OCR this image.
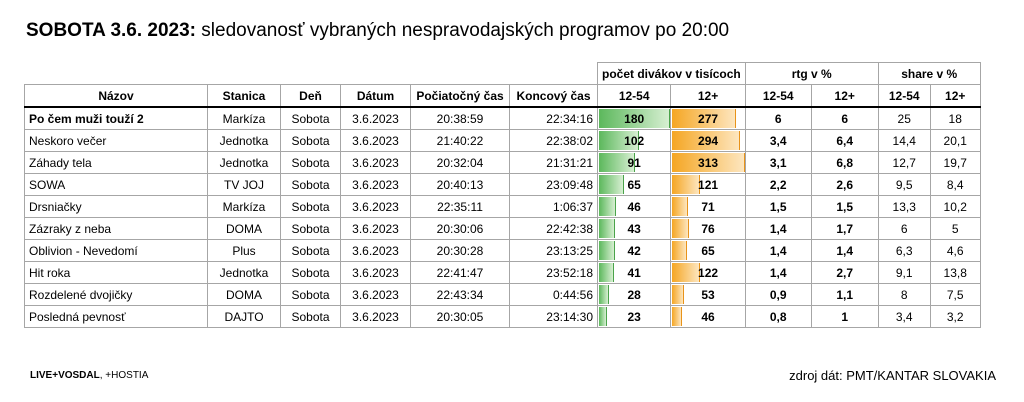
SOBOTA 3.6. 2023: sledovanosť vybraných nespravodajských programov po 20:00
						počet divákov v tisícoch		rtg v %		share v %	
Názov	Stanica	Deň	Dátum	Počiatočný čas	Koncový čas	12-54	12+	12-54	12+	12-54	12+
Po čem muži touží 2	Markíza	Sobota	3.6.2023	20:38:59	22:34:16	180	277	6	6	25	18
Neskoro večer	Jednotka	Sobota	3.6.2023	21:40:22	22:38:02	102	294	3,4	6,4	14,4	20,1
Záhady tela	Jednotka	Sobota	3.6.2023	20:32:04	21:31:21	91	313	3,1	6,8	12,7	19,7
SOWA	TV JOJ	Sobota	3.6.2023	20:40:13	23:09:48	65	121	2,2	2,6	9,5	8,4
Drsniačky	Markíza	Sobota	3.6.2023	22:35:11	1:06:37	46	71	1,5	1,5	13,3	10,2
Zázraky z neba	DOMA	Sobota	3.6.2023	20:30:06	22:42:38	43	76	1,4	1,7	6	5
Oblivion - Nevedomí	Plus	Sobota	3.6.2023	20:30:28	23:13:25	42	65	1,4	1,4	6,3	4,6
Hit roka	Jednotka	Sobota	3.6.2023	22:41:47	23:52:18	41	122	1,4	2,7	9,1	13,8
Rozdelené dvojičky	DOMA	Sobota	3.6.2023	22:43:34	0:44:56	28	53	0,9	1,1	8	7,5
Posledná pevnosť	DAJTO	Sobota	3.6.2023	20:30:05	23:14:30	23	46	0,8	1	3,4	3,2
LIVE+VOSDAL, +HOSTIA	zdroj dát: PMT/KANTAR SLOVAKIA
